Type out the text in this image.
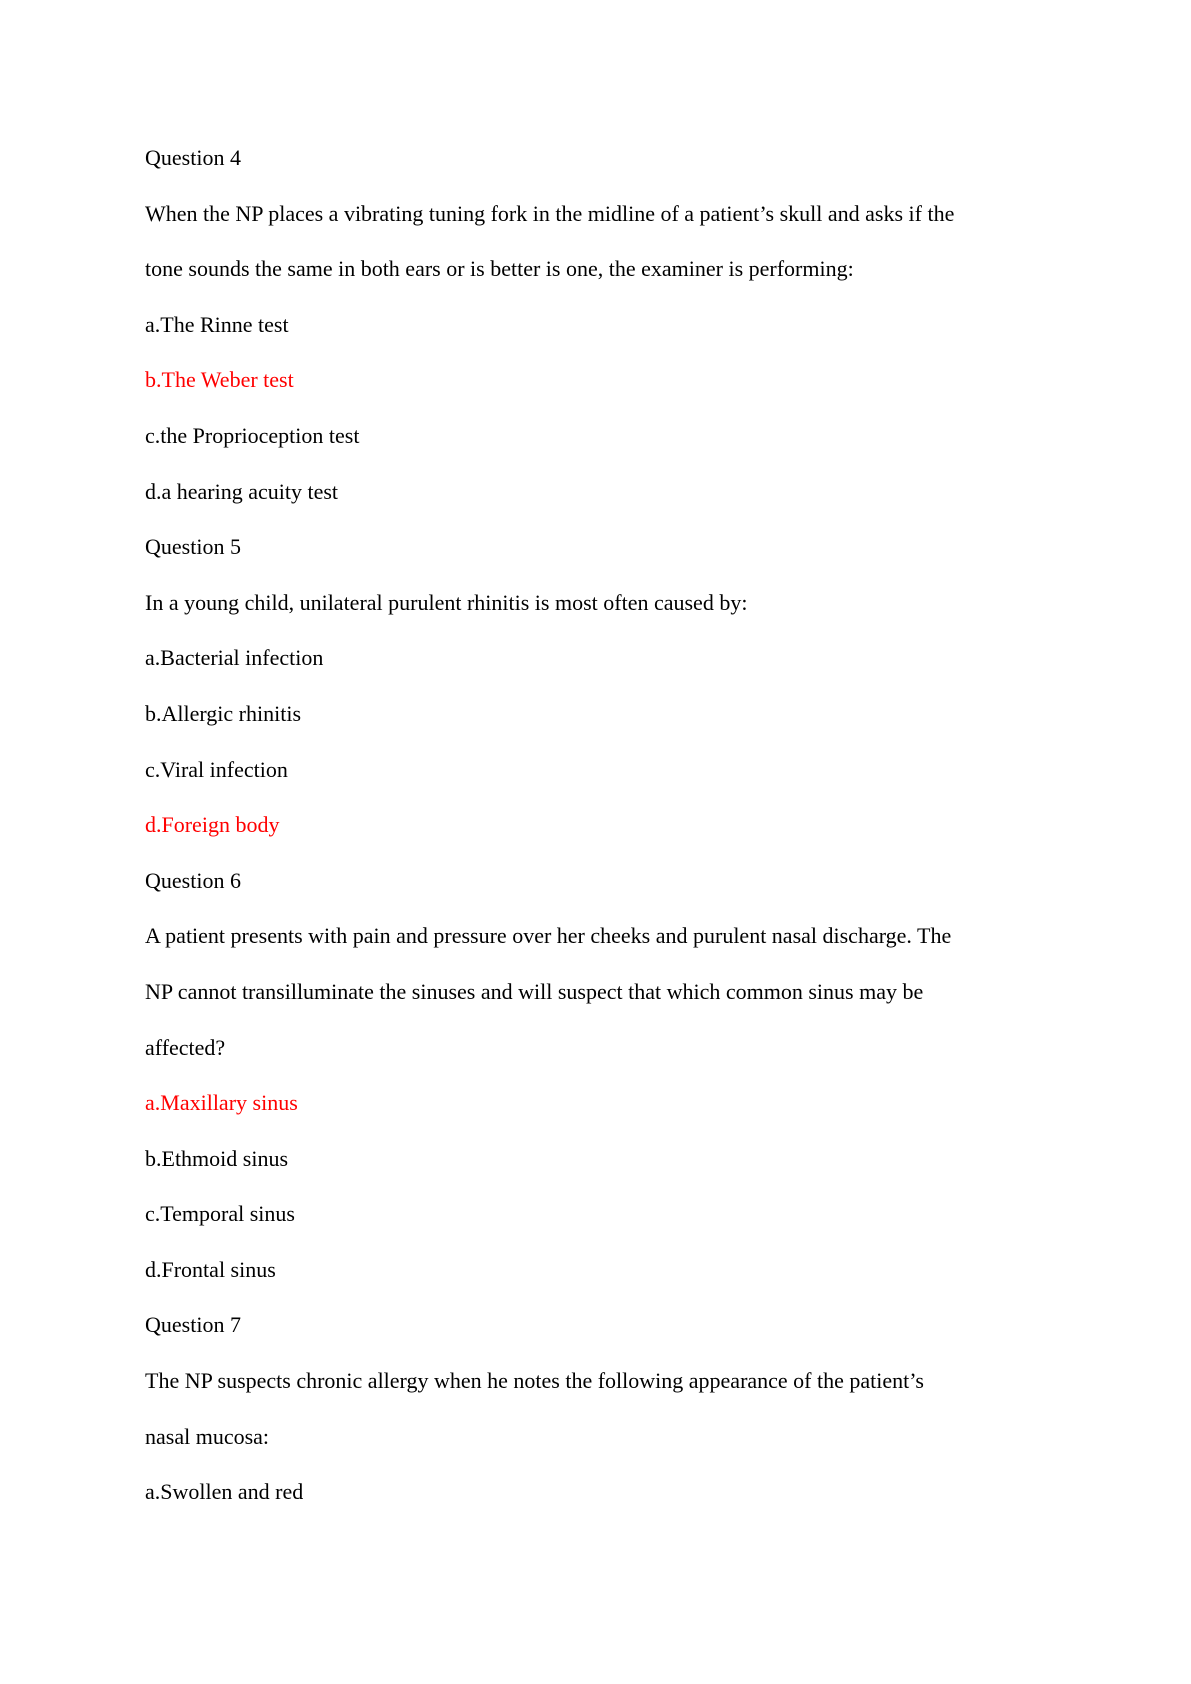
Question 4
When the NP places a vibrating tuning fork in the midline of a patient’s skull and asks if the
tone sounds the same in both ears or is better is one, the examiner is performing:
a.The Rinne test
b.The Weber test
c.the Proprioception test
d.a hearing acuity test
Question 5
In a young child, unilateral purulent rhinitis is most often caused by:
a.Bacterial infection
b.Allergic rhinitis
c.Viral infection
d.Foreign body
Question 6
A patient presents with pain and pressure over her cheeks and purulent nasal discharge. The
NP cannot transilluminate the sinuses and will suspect that which common sinus may be
affected?
a.Maxillary sinus
b.Ethmoid sinus
c.Temporal sinus
d.Frontal sinus
Question 7
The NP suspects chronic allergy when he notes the following appearance of the patient’s
nasal mucosa:
a.Swollen and red
